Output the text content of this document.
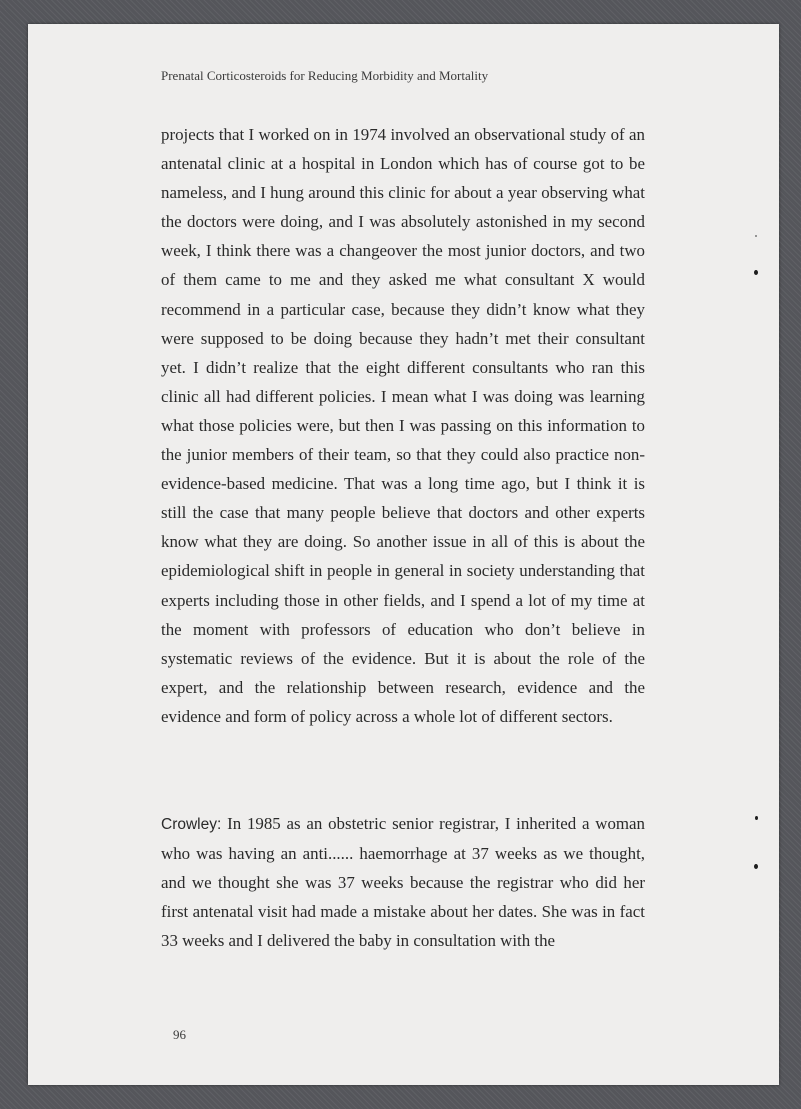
Prenatal Corticosteroids for Reducing Morbidity and Mortality

projects that I worked on in 1974 involved an observational study of an antenatal clinic at a hospital in London which has of course got to be nameless, and I hung around this clinic for about a year observing what the doctors were doing, and I was absolutely astonished in my second week, I think there was a changeover the most junior doctors, and two of them came to me and they asked me what consultant X would recommend in a particular case, because they didn’t know what they were supposed to be doing because they hadn’t met their consultant yet. I didn’t realize that the eight different consultants who ran this clinic all had different policies. I mean what I was doing was learning what those policies were, but then I was passing on this information to the junior members of their team, so that they could also practice non-evidence-based medicine. That was a long time ago, but I think it is still the case that many people believe that doctors and other experts know what they are doing. So another issue in all of this is about the epidemiological shift in people in general in society understanding that experts including those in other fields, and I spend a lot of my time at the moment with professors of education who don’t believe in systematic reviews of the evidence. But it is about the role of the expert, and the relationship between research, evidence and the evidence and form of policy across a whole lot of different sectors.

Crowley: In 1985 as an obstetric senior registrar, I inherited a woman who was having an anti...... haemorrhage at 37 weeks as we thought, and we thought she was 37 weeks because the registrar who did her first antenatal visit had made a mistake about her dates. She was in fact 33 weeks and I delivered the baby in consultation with the

96
